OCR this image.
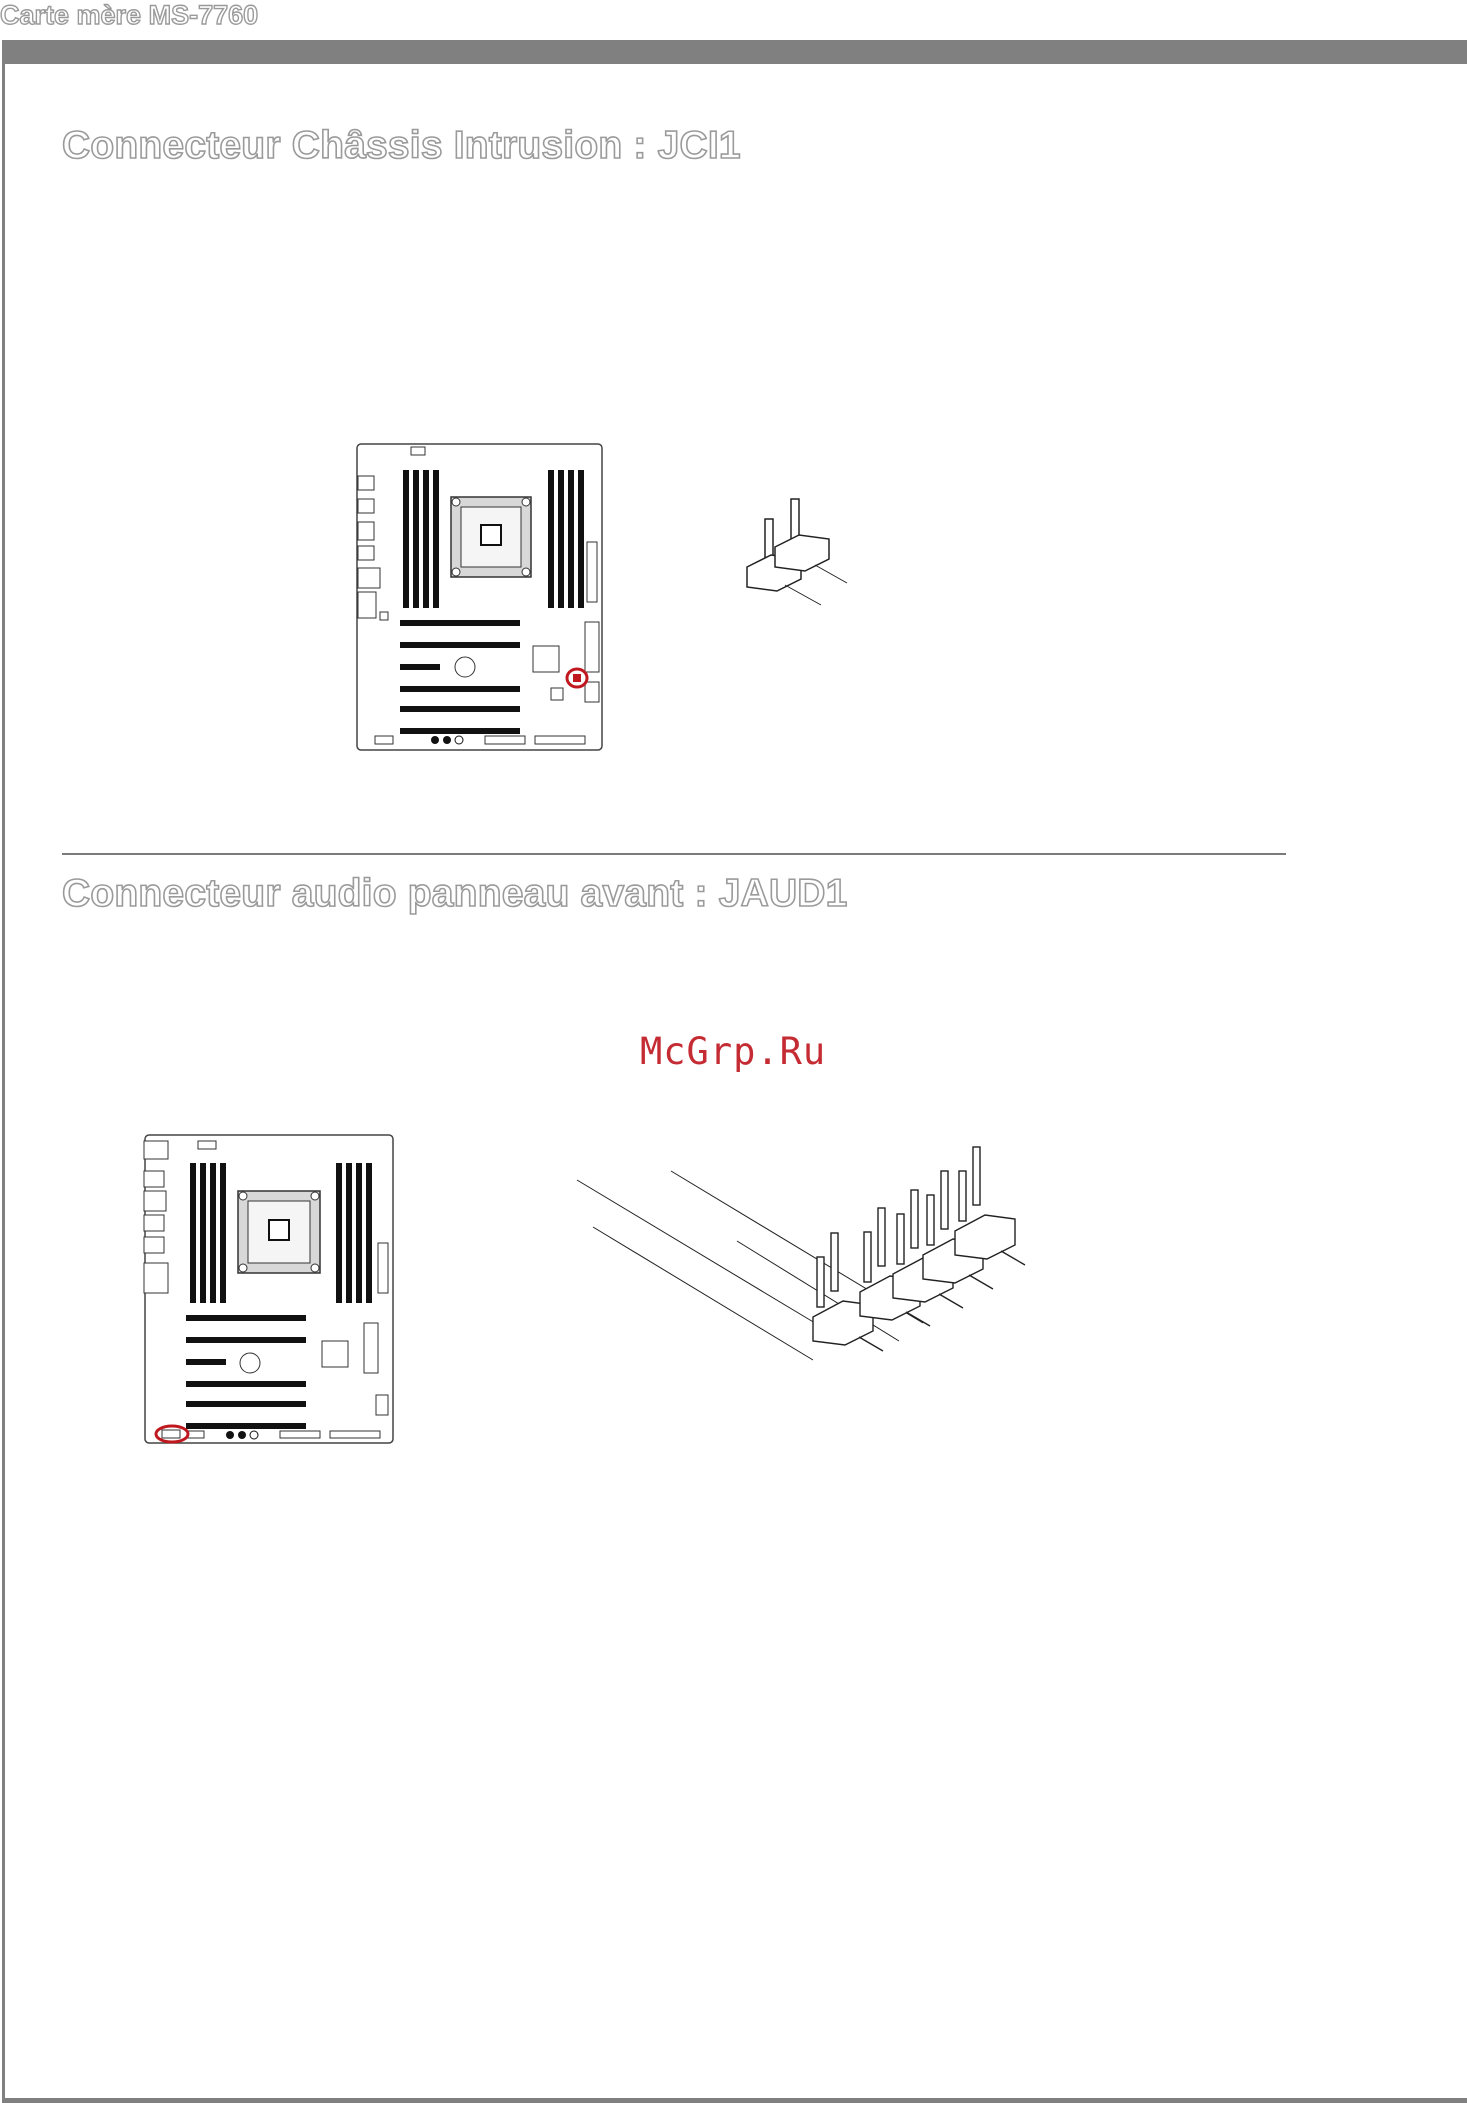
Carte mère MS-7760
Connecteur Chȃssis Intrusion : JCI1
Connecteur audio panneau avant : JAUD1
McGrp.Ru
